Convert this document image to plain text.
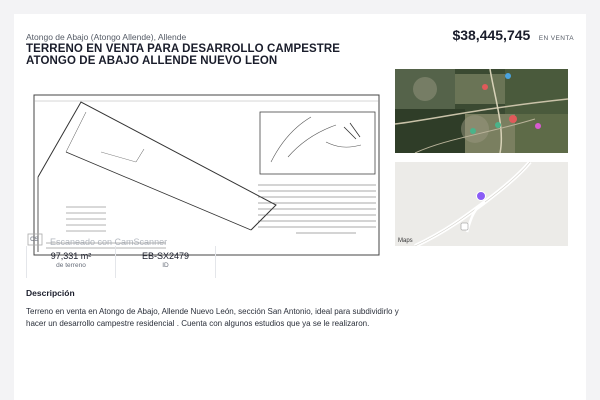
Atongo de Abajo (Atongo Allende), Allende
TERRENO EN VENTA PARA DESARROLLO CAMPESTRE
ATONGO DE ABAJO ALLENDE NUEVO LEON
$38,445,745 EN VENTA
CS Escaneado con CamScanner	Maps
97,331 m²
de terreno
EB-SX2479
ID
Descripción
Terreno en venta en Atongo de Abajo, Allende Nuevo León, sección San Antonio, ideal para subdividirlo y hacer un desarrollo campestre residencial . Cuenta con algunos estudios que ya se le realizaron.
